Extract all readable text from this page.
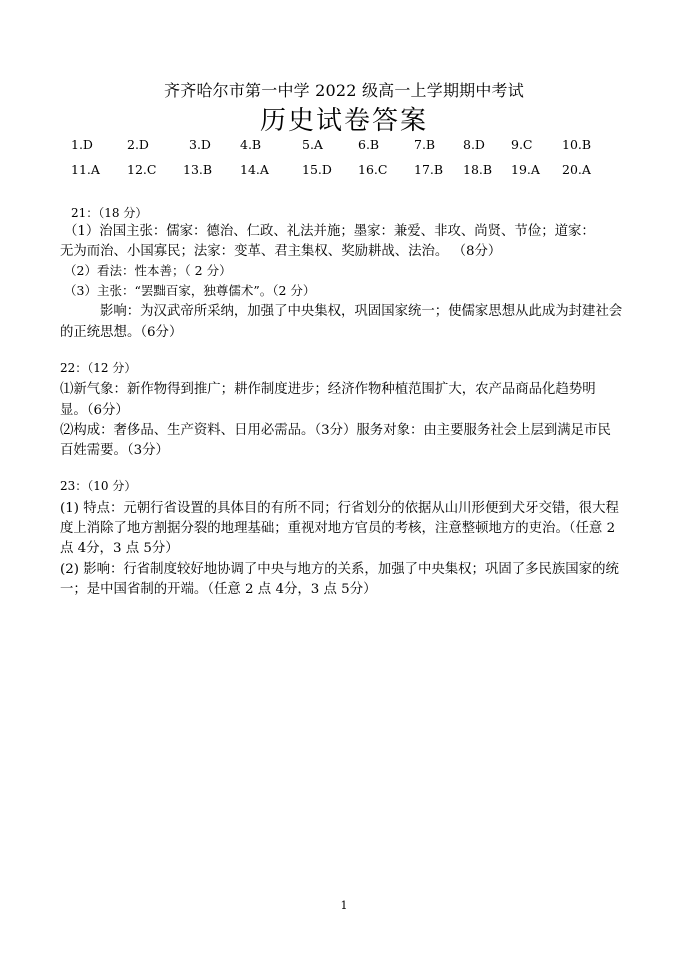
齐齐哈尔市第一中学 2022 级高一上学期期中考试
历史试卷答案
1.D	2.D	3.D 4.B	5.A	6.B	7.B 8.D 9.C 10.B
11.A 12.C 13.B 14.A	15.D 16.C 17.B 18.B 19.A 20.A
21：（18 分）
（1）治国主张：儒家：德治、仁政、礼法并施；墨家：兼爱、非攻、尚贤、节俭；道家：
无为而治、小国寡民；法家：变革、君主集权、奖励耕战、法治。 （8分）
（2）看法：性本善；（ 2 分）
（3）主张：“罢黜百家，独尊儒术”。（2 分）
影响：为汉武帝所采纳，加强了中央集权，巩固国家统一；使儒家思想从此成为封建社会
的正统思想。（6分）
22：（12 分）
⑴新气象：新作物得到推广；耕作制度进步；经济作物种植范围扩大，农产品商品化趋势明
显。（6分）
⑵构成：奢侈品、生产资料、日用必需品。（3分）服务对象：由主要服务社会上层到满足市民
百姓需要。（3分）
23：（10 分）
(1) 特点：元朝行省设置的具体目的有所不同；行省划分的依据从山川形便到犬牙交错，很大程
度上消除了地方割据分裂的地理基础；重视对地方官员的考核，注意整顿地方的吏治。（任意 2
点 4分，3 点 5分）
(2) 影响：行省制度较好地协调了中央与地方的关系，加强了中央集权；巩固了多民族国家的统
一；是中国省制的开端。（任意 2 点 4分，3 点 5分）
1
